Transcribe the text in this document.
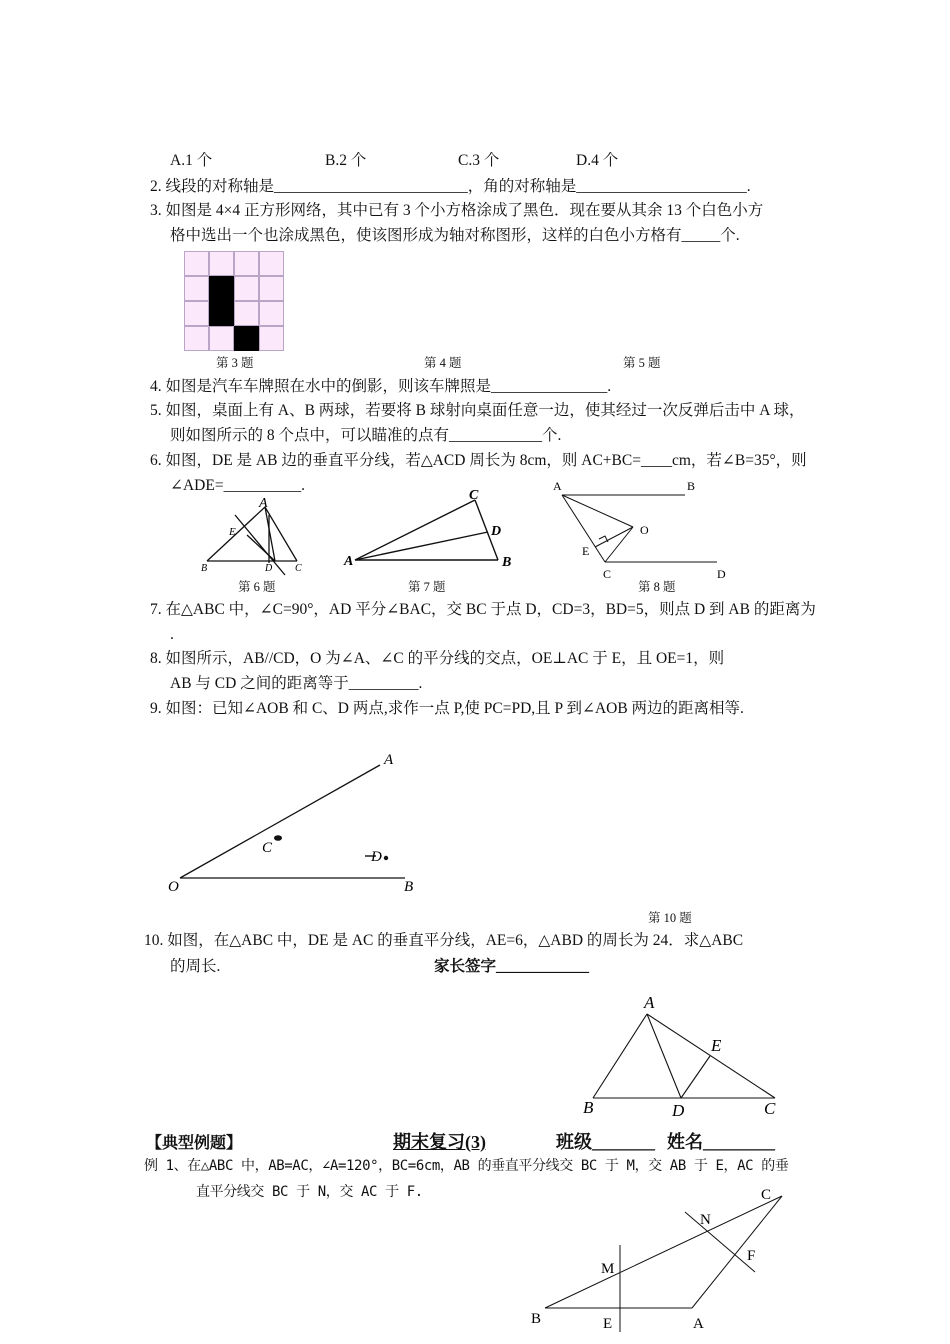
A.1 个	B.2 个	C.3 个	D.4 个
2. 线段的对称轴是_________________________，角的对称轴是______________________.
3. 如图是 4×4 正方形网络，其中已有 3 个小方格涂成了黑色．现在要从其余 13 个白色小方
格中选出一个也涂成黑色，使该图形成为轴对称图形，这样的白色小方格有_____个.
第 3 题	第 4 题	第 5 题
4. 如图是汽车车牌照在水中的倒影，则该车牌照是_______________.
5. 如图，桌面上有 A、B 两球，若要将 B 球射向桌面任意一边，使其经过一次反弹后击中 A 球，
则如图所示的 8 个点中，可以瞄准的点有____________个.
6. 如图，DE 是 AB 边的垂直平分线，若△ACD 周长为 8cm，则 AC+BC=____cm，若∠B=35°，则
∠ADE=__________.
A
E
B	D C	A	B
C
D
A	B
O
E
C	D
第 6 题	第 7 题	第 8 题
7. 在△ABC 中，∠C=90°，AD 平分∠BAC，交 BC 于点 D，CD=3，BD=5，则点 D 到 AB 的距离为
.
8. 如图所示，AB//CD，O 为∠A、∠C 的平分线的交点，OE⊥AC 于 E，且 OE=1，则
AB 与 CD 之间的距离等于_________.
9. 如图：已知∠AOB 和 C、D 两点,求作一点 P,使 PC=PD,且 P 到∠AOB 两边的距离相等.
A
C
D
O	B
第 10 题
10. 如图，在△ABC 中，DE 是 AC 的垂直平分线，AE=6，△ABD 的周长为 24．求△ABC
的周长.	家长签字____________
A
E
B	D	C
【典型例题】	期末复习(3)	班级_______ 姓名________
例 1、在△ABC 中，AB=AC，∠A=120°，BC=6cm，AB 的垂直平分线交 BC 于 M，交 AB 于 E，AC 的垂
直平分线交 BC 于 N，交 AC 于 F.	C
N
F
M
B	E	A
